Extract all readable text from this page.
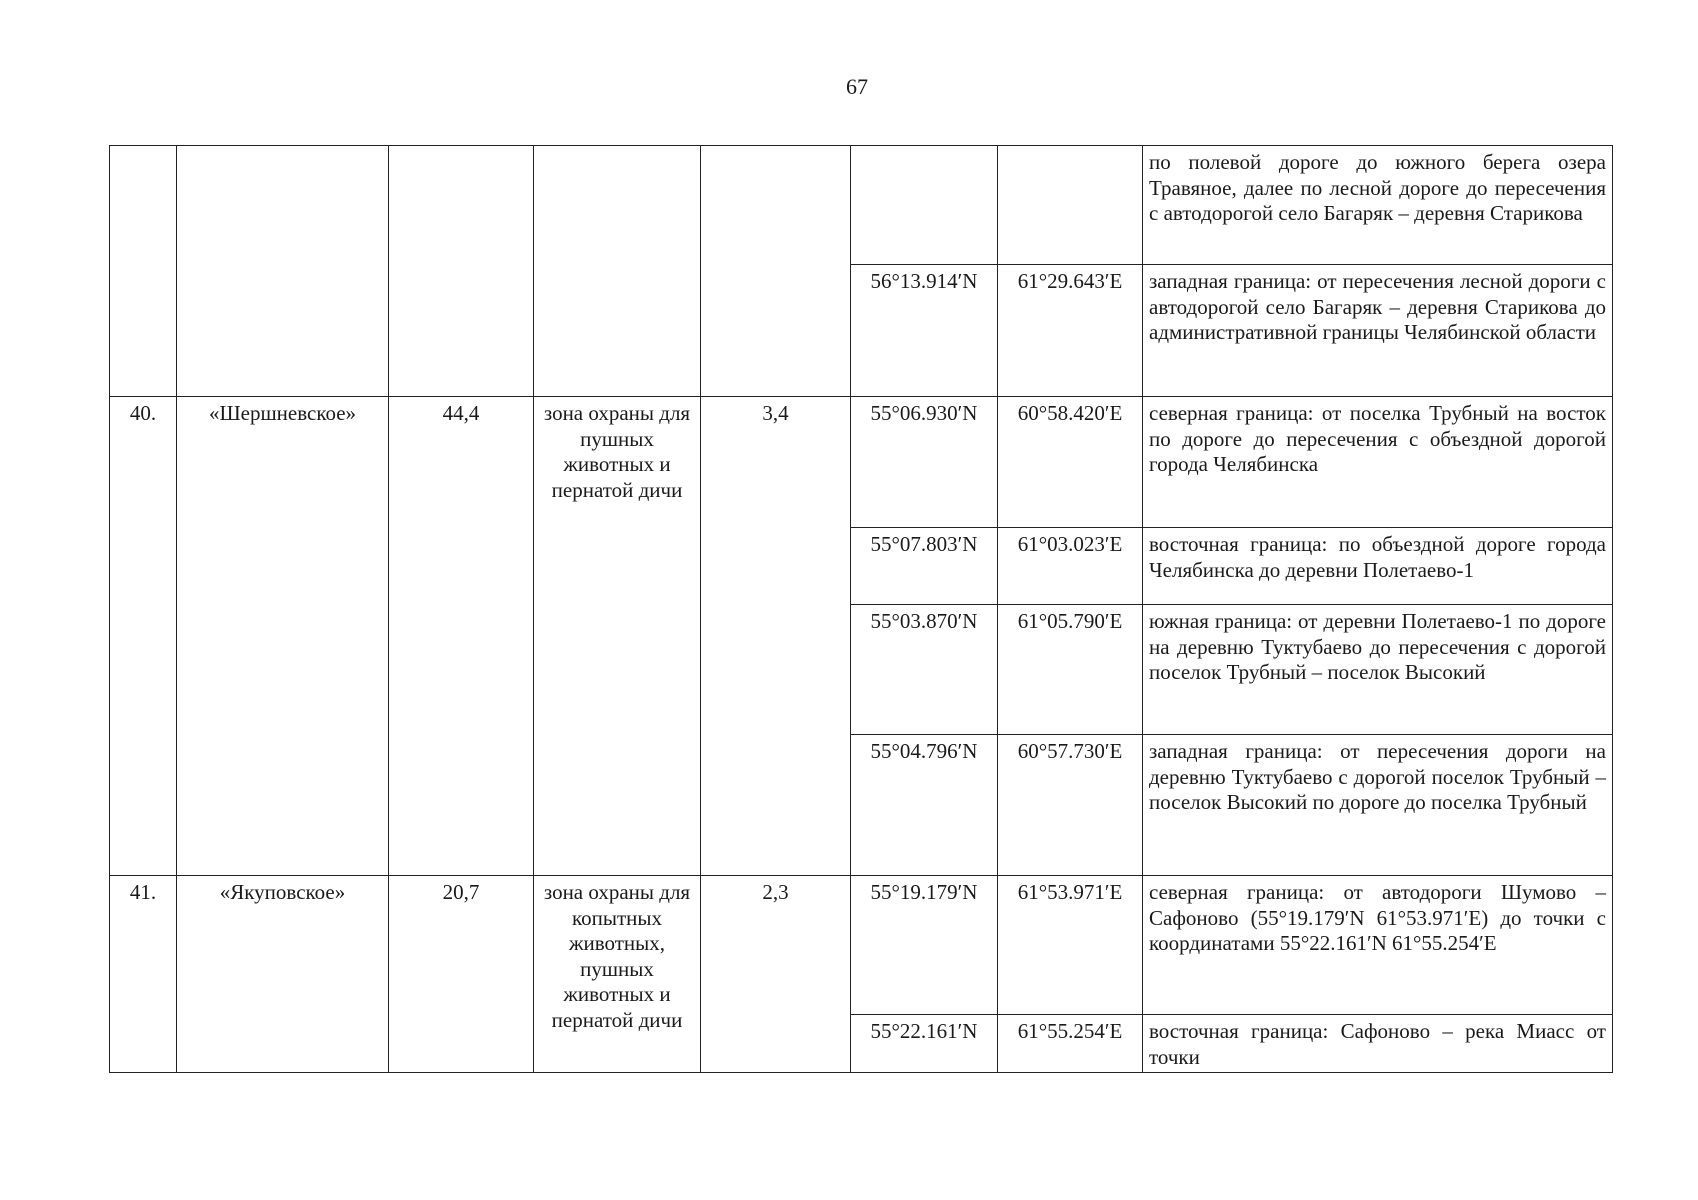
67
							по полевой дороге до южного берега озера Травяное, далее по лесной дороге до пересечения с автодорогой село Багаряк – деревня Старикова
					56°13.914′N	61°29.643′E	западная граница: от пересечения лесной дороги с автодорогой село Багаряк – деревня Старикова до административной границы Челябинской области
40.	«Шершневское»	44,4	зона охраны для пушных животных и пернатой дичи	3,4	55°06.930′N	60°58.420′E	северная граница: от поселка Трубный на восток по дороге до пересечения с объездной дорогой города Челябинска
					55°07.803′N	61°03.023′E	восточная граница: по объездной дороге города Челябинска до деревни Полетаево-1
					55°03.870′N	61°05.790′E	южная граница: от деревни Полетаево-1 по дороге на деревню Туктубаево до пересечения с дорогой поселок Трубный – поселок Высокий
					55°04.796′N	60°57.730′E	западная граница: от пересечения дороги на деревню Туктубаево с дорогой поселок Трубный – поселок Высокий по дороге до поселка Трубный
41.	«Якуповское»	20,7	зона охраны для копытных животных, пушных животных и пернатой дичи	2,3	55°19.179′N	61°53.971′E	северная граница: от автодороги Шумово – Сафоново (55°19.179′N 61°53.971′E) до точки с координатами 55°22.161′N 61°55.254′E
					55°22.161′N	61°55.254′E	восточная граница: Сафоново – река Миасс от точки
